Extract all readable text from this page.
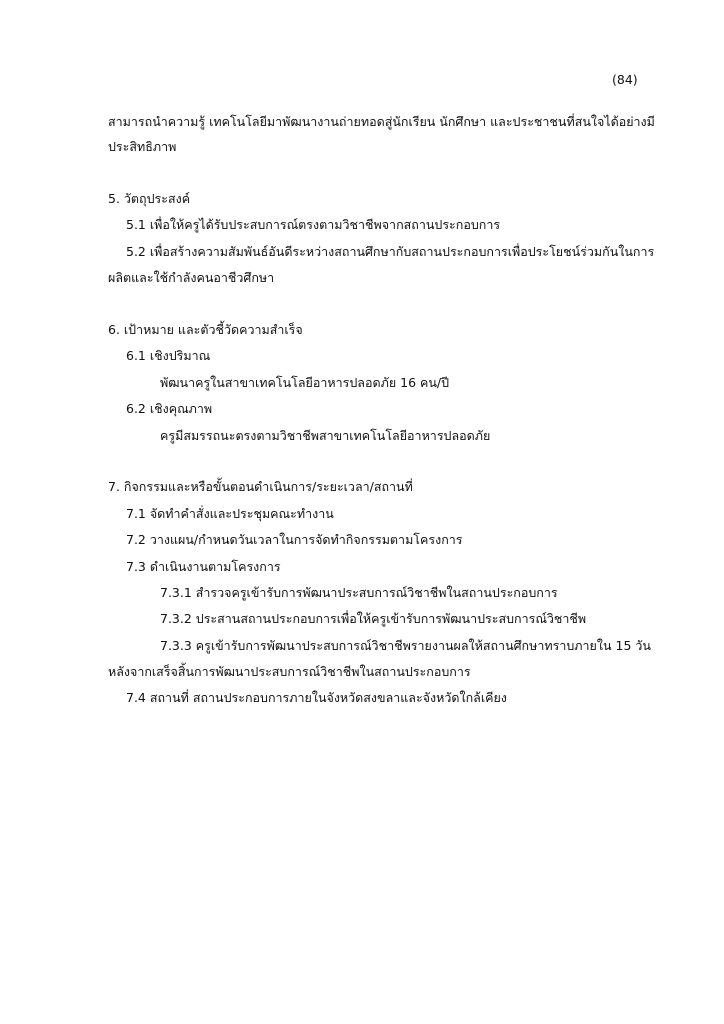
(84)
สามารถนำความรู้ เทคโนโลยีมาพัฒนางานถ่ายทอดสู่นักเรียน นักศึกษา และประชาชนที่สนใจได้อย่างมี
ประสิทธิภาพ
5. วัตถุประสงค์
5.1 เพื่อให้ครูได้รับประสบการณ์ตรงตามวิชาชีพจากสถานประกอบการ
5.2 เพื่อสร้างความสัมพันธ์อันดีระหว่างสถานศึกษากับสถานประกอบการเพื่อประโยชน์ร่วมกันในการ
ผลิตและใช้กำลังคนอาชีวศึกษา
6. เป้าหมาย และตัวชี้วัดความสำเร็จ
6.1 เชิงปริมาณ
พัฒนาครูในสาขาเทคโนโลยีอาหารปลอดภัย 16 คน/ปี
6.2 เชิงคุณภาพ
ครูมีสมรรถนะตรงตามวิชาชีพสาขาเทคโนโลยีอาหารปลอดภัย
7. กิจกรรมและหรือขั้นตอนดำเนินการ/ระยะเวลา/สถานที่
7.1 จัดทำคำสั่งและประชุมคณะทำงาน
7.2 วางแผน/กำหนดวันเวลาในการจัดทำกิจกรรมตามโครงการ
7.3 ดำเนินงานตามโครงการ
7.3.1 สำรวจครูเข้ารับการพัฒนาประสบการณ์วิชาชีพในสถานประกอบการ
7.3.2 ประสานสถานประกอบการเพื่อให้ครูเข้ารับการพัฒนาประสบการณ์วิชาชีพ
7.3.3 ครูเข้ารับการพัฒนาประสบการณ์วิชาชีพรายงานผลให้สถานศึกษาทราบภายใน 15 วัน
หลังจากเสร็จสิ้นการพัฒนาประสบการณ์วิชาชีพในสถานประกอบการ
7.4 สถานที่ สถานประกอบการภายในจังหวัดสงขลาและจังหวัดใกล้เคียง
